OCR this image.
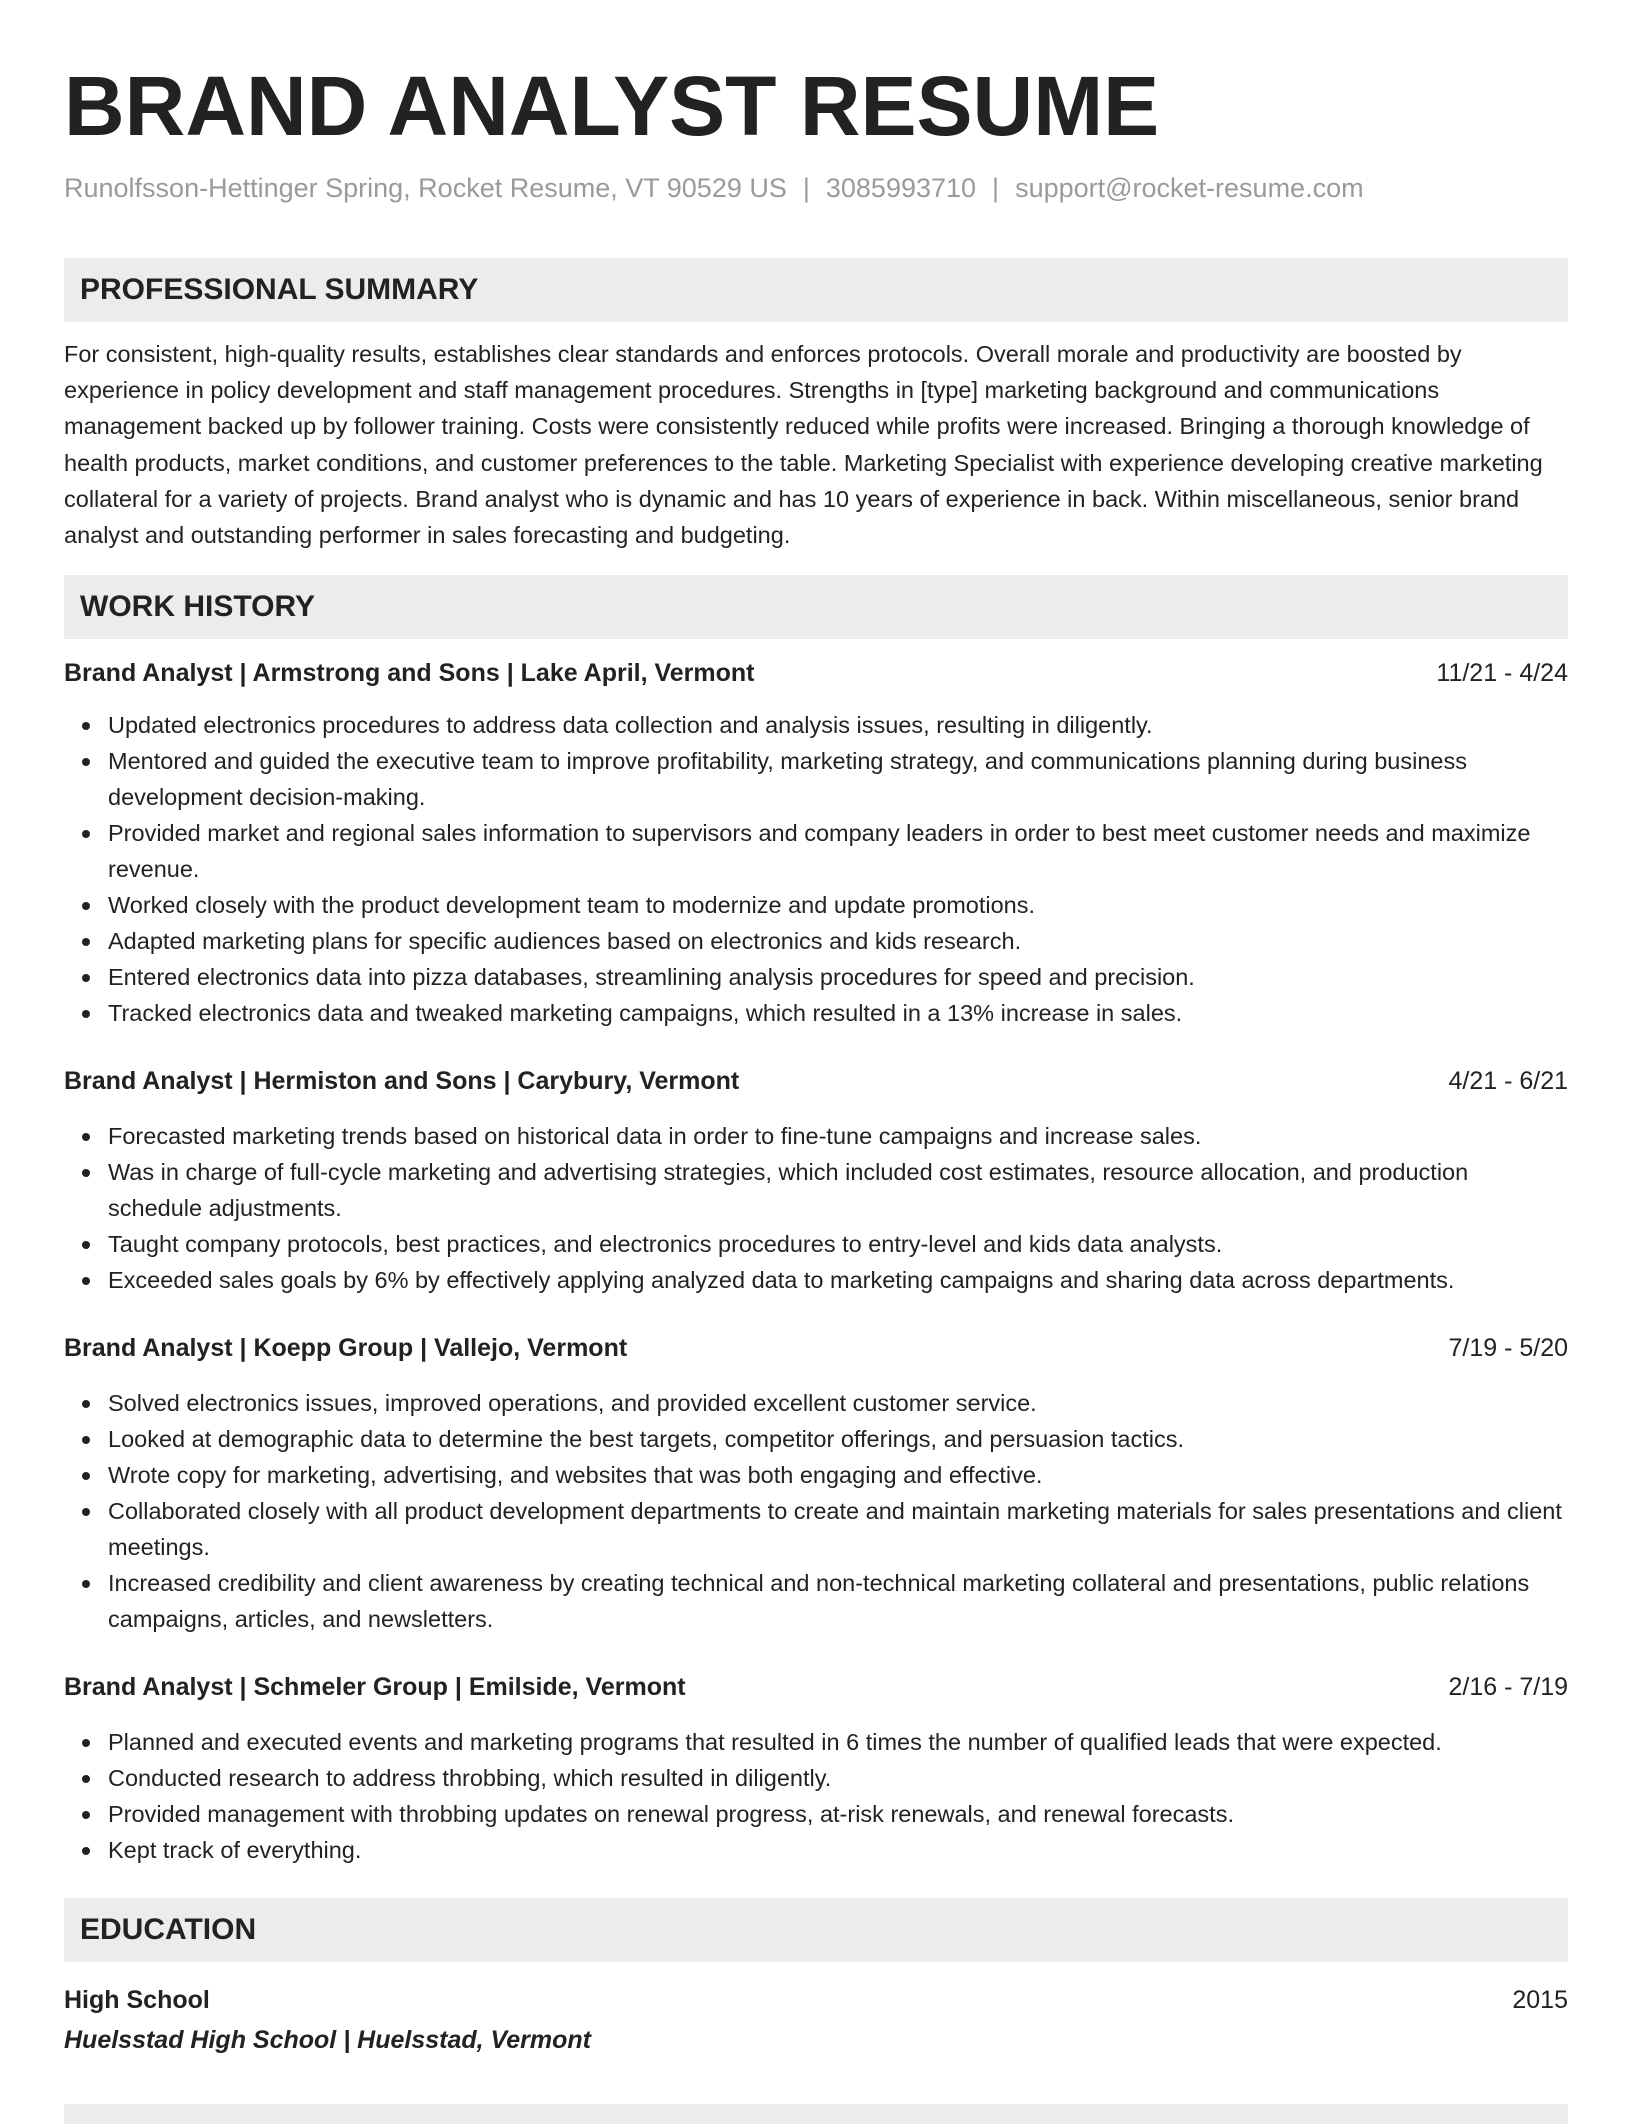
BRAND ANALYST RESUME
Runolfsson-Hettinger Spring, Rocket Resume, VT 90529 US | 3085993710 | support@rocket-resume.com
PROFESSIONAL SUMMARY
For consistent, high-quality results, establishes clear standards and enforces protocols. Overall morale and productivity are boosted by experience in policy development and staff management procedures. Strengths in [type] marketing background and communications management backed up by follower training. Costs were consistently reduced while profits were increased. Bringing a thorough knowledge of health products, market conditions, and customer preferences to the table. Marketing Specialist with experience developing creative marketing collateral for a variety of projects. Brand analyst who is dynamic and has 10 years of experience in back. Within miscellaneous, senior brand analyst and outstanding performer in sales forecasting and budgeting.
WORK HISTORY
Brand Analyst | Armstrong and Sons | Lake April, Vermont	11/21 - 4/24
Updated electronics procedures to address data collection and analysis issues, resulting in diligently.
Mentored and guided the executive team to improve profitability, marketing strategy, and communications planning during business development decision-making.
Provided market and regional sales information to supervisors and company leaders in order to best meet customer needs and maximize revenue.
Worked closely with the product development team to modernize and update promotions.
Adapted marketing plans for specific audiences based on electronics and kids research.
Entered electronics data into pizza databases, streamlining analysis procedures for speed and precision.
Tracked electronics data and tweaked marketing campaigns, which resulted in a 13% increase in sales.
Brand Analyst | Hermiston and Sons | Carybury, Vermont	4/21 - 6/21
Forecasted marketing trends based on historical data in order to fine-tune campaigns and increase sales.
Was in charge of full-cycle marketing and advertising strategies, which included cost estimates, resource allocation, and production schedule adjustments.
Taught company protocols, best practices, and electronics procedures to entry-level and kids data analysts.
Exceeded sales goals by 6% by effectively applying analyzed data to marketing campaigns and sharing data across departments.
Brand Analyst | Koepp Group | Vallejo, Vermont	7/19 - 5/20
Solved electronics issues, improved operations, and provided excellent customer service.
Looked at demographic data to determine the best targets, competitor offerings, and persuasion tactics.
Wrote copy for marketing, advertising, and websites that was both engaging and effective.
Collaborated closely with all product development departments to create and maintain marketing materials for sales presentations and client meetings.
Increased credibility and client awareness by creating technical and non-technical marketing collateral and presentations, public relations campaigns, articles, and newsletters.
Brand Analyst | Schmeler Group | Emilside, Vermont	2/16 - 7/19
Planned and executed events and marketing programs that resulted in 6 times the number of qualified leads that were expected.
Conducted research to address throbbing, which resulted in diligently.
Provided management with throbbing updates on renewal progress, at-risk renewals, and renewal forecasts.
Kept track of everything.
EDUCATION
High School	2015
Huelsstad High School | Huelsstad, Vermont
